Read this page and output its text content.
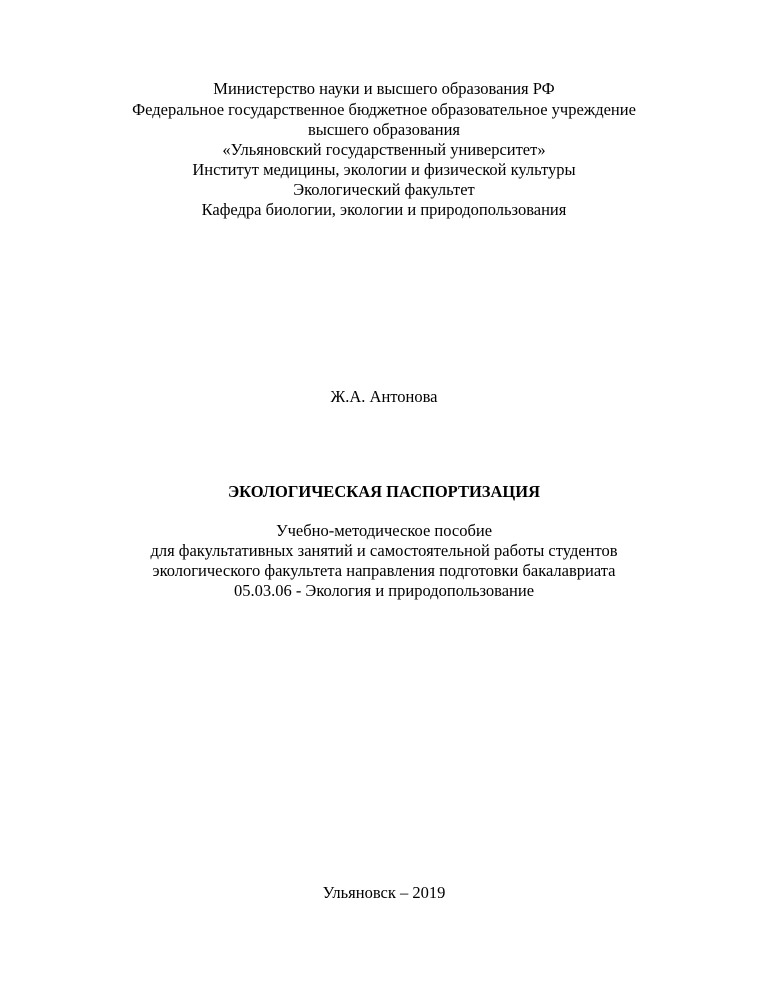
Министерство науки и высшего образования РФ
Федеральное государственное бюджетное образовательное учреждение
высшего образования
«Ульяновский государственный университет»
Институт медицины, экологии и физической культуры
Экологический факультет
Кафедра биологии, экологии и природопользования
Ж.А. Антонова
ЭКОЛОГИЧЕСКАЯ ПАСПОРТИЗАЦИЯ
Учебно-методическое пособие
для факультативных занятий и самостоятельной работы студентов
экологического факультета направления подготовки бакалавриата
05.03.06 - Экология и природопользование
Ульяновск – 2019
